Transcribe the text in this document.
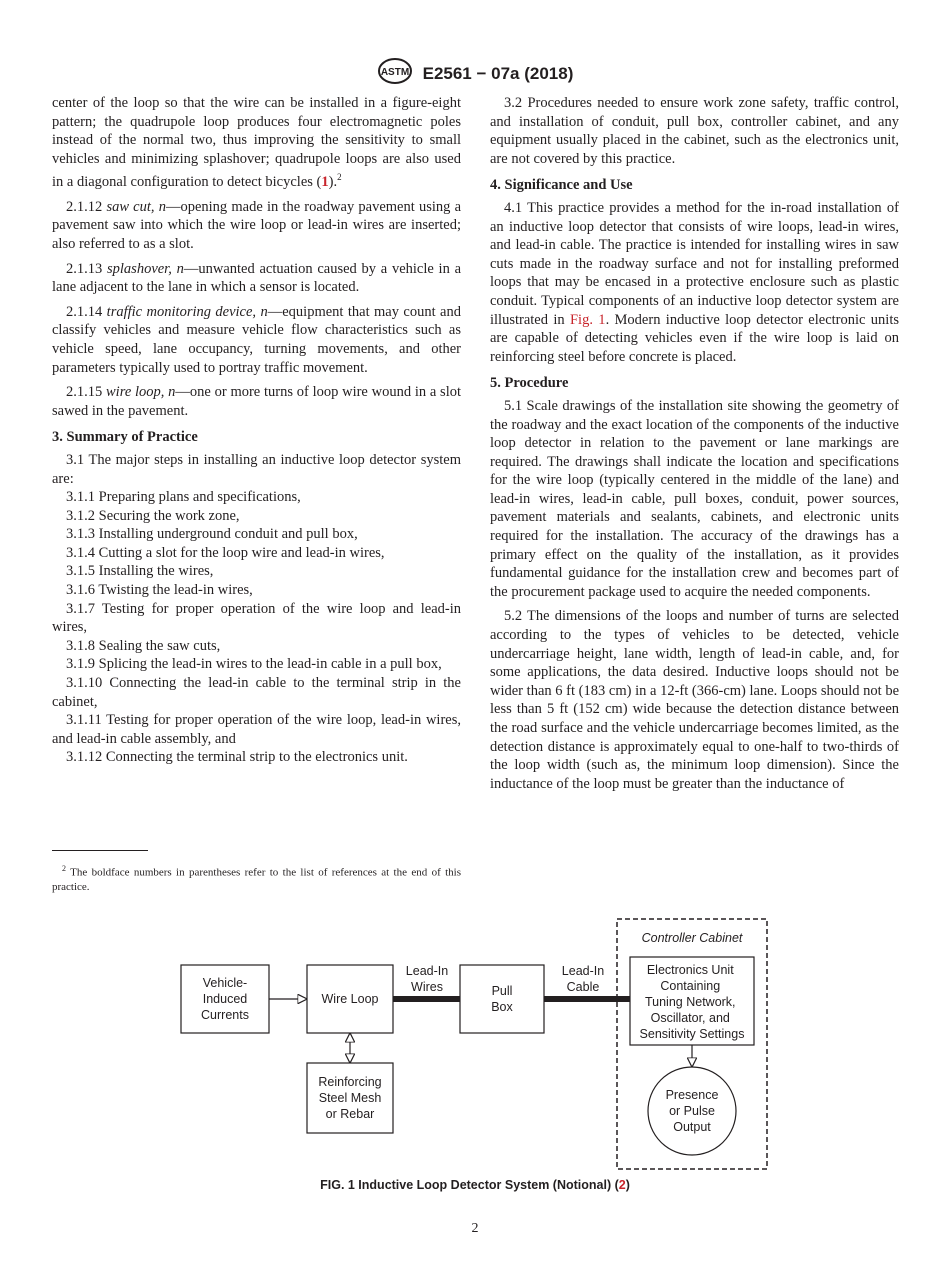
ASTM E2561 − 07a (2018)

center of the loop so that the wire can be installed in a figure-eight pattern; the quadrupole loop produces four electromagnetic poles instead of the normal two, thus improving the sensitivity to small vehicles and minimizing splashover; quadrupole loops are also used in a diagonal configuration to detect bicycles (1).$^2$

2.1.12 saw cut, n—opening made in the roadway pavement using a pavement saw into which the wire loop or lead-in wires are inserted; also referred to as a slot.

2.1.13 splashover, n—unwanted actuation caused by a vehicle in a lane adjacent to the lane in which a sensor is located.

2.1.14 traffic monitoring device, n—equipment that may count and classify vehicles and measure vehicle flow characteristics such as vehicle speed, lane occupancy, turning movements, and other parameters typically used to portray traffic movement.

2.1.15 wire loop, n—one or more turns of loop wire wound in a slot sawed in the pavement.

3. Summary of Practice

3.1 The major steps in installing an inductive loop detector system are:

3.1.1 Preparing plans and specifications,

3.1.2 Securing the work zone,

3.1.3 Installing underground conduit and pull box,

3.1.4 Cutting a slot for the loop wire and lead-in wires,

3.1.5 Installing the wires,

3.1.6 Twisting the lead-in wires,

3.1.7 Testing for proper operation of the wire loop and lead-in wires,

3.1.8 Sealing the saw cuts,

3.1.9 Splicing the lead-in wires to the lead-in cable in a pull box,

3.1.10 Connecting the lead-in cable to the terminal strip in the cabinet,

3.1.11 Testing for proper operation of the wire loop, lead-in wires, and lead-in cable assembly, and

3.1.12 Connecting the terminal strip to the electronics unit.

$^2$ The boldface numbers in parentheses refer to the list of references at the end of this practice.

3.2 Procedures needed to ensure work zone safety, traffic control, and installation of conduit, pull box, controller cabinet, and any equipment usually placed in the cabinet, such as the electronics unit, are not covered by this practice.

4. Significance and Use

4.1 This practice provides a method for the in-road installation of an inductive loop detector that consists of wire loops, lead-in wires, and lead-in cable. The practice is intended for installing wires in saw cuts made in the roadway surface and not for installing preformed loops that may be encased in a protective enclosure such as plastic conduit. Typical components of an inductive loop detector system are illustrated in Fig. 1. Modern inductive loop detector electronic units are capable of detecting vehicles even if the wire loop is laid on reinforcing steel before concrete is placed.

5. Procedure

5.1 Scale drawings of the installation site showing the geometry of the roadway and the exact location of the components of the inductive loop detector in relation to the pavement or lane markings are required. The drawings shall indicate the location and specifications for the wire loop (typically centered in the middle of the lane) and lead-in wires, lead-in cable, pull boxes, conduit, power sources, pavement materials and sealants, cabinets, and electronic units required for the installation. The accuracy of the drawings has a primary effect on the quality of the installation, as it provides fundamental guidance for the installation crew and becomes part of the procurement package used to acquire the needed components.

5.2 The dimensions of the loops and number of turns are selected according to the types of vehicles to be detected, vehicle undercarriage height, lane width, length of lead-in cable, and, for some applications, the data desired. Inductive loops should not be wider than 6 ft (183 cm) in a 12-ft (366-cm) lane. Loops should not be less than 5 ft (152 cm) wide because the detection distance between the road surface and the vehicle undercarriage becomes limited, as the detection distance is approximately equal to one-half to two-thirds of the loop width (such as, the minimum loop dimension). Since the inductance of the loop must be greater than the inductance of

Controller Cabinet
Vehicle-Induced Currents
Wire Loop
Lead-In Wires	Pull Box
Lead-In Cable
Electronics Unit Containing Tuning Network, Oscillator, and Sensitivity Settings
Reinforcing Steel Mesh or Rebar
Presence or Pulse Output
FIG. 1 Inductive Loop Detector System (Notional) (2)
2
